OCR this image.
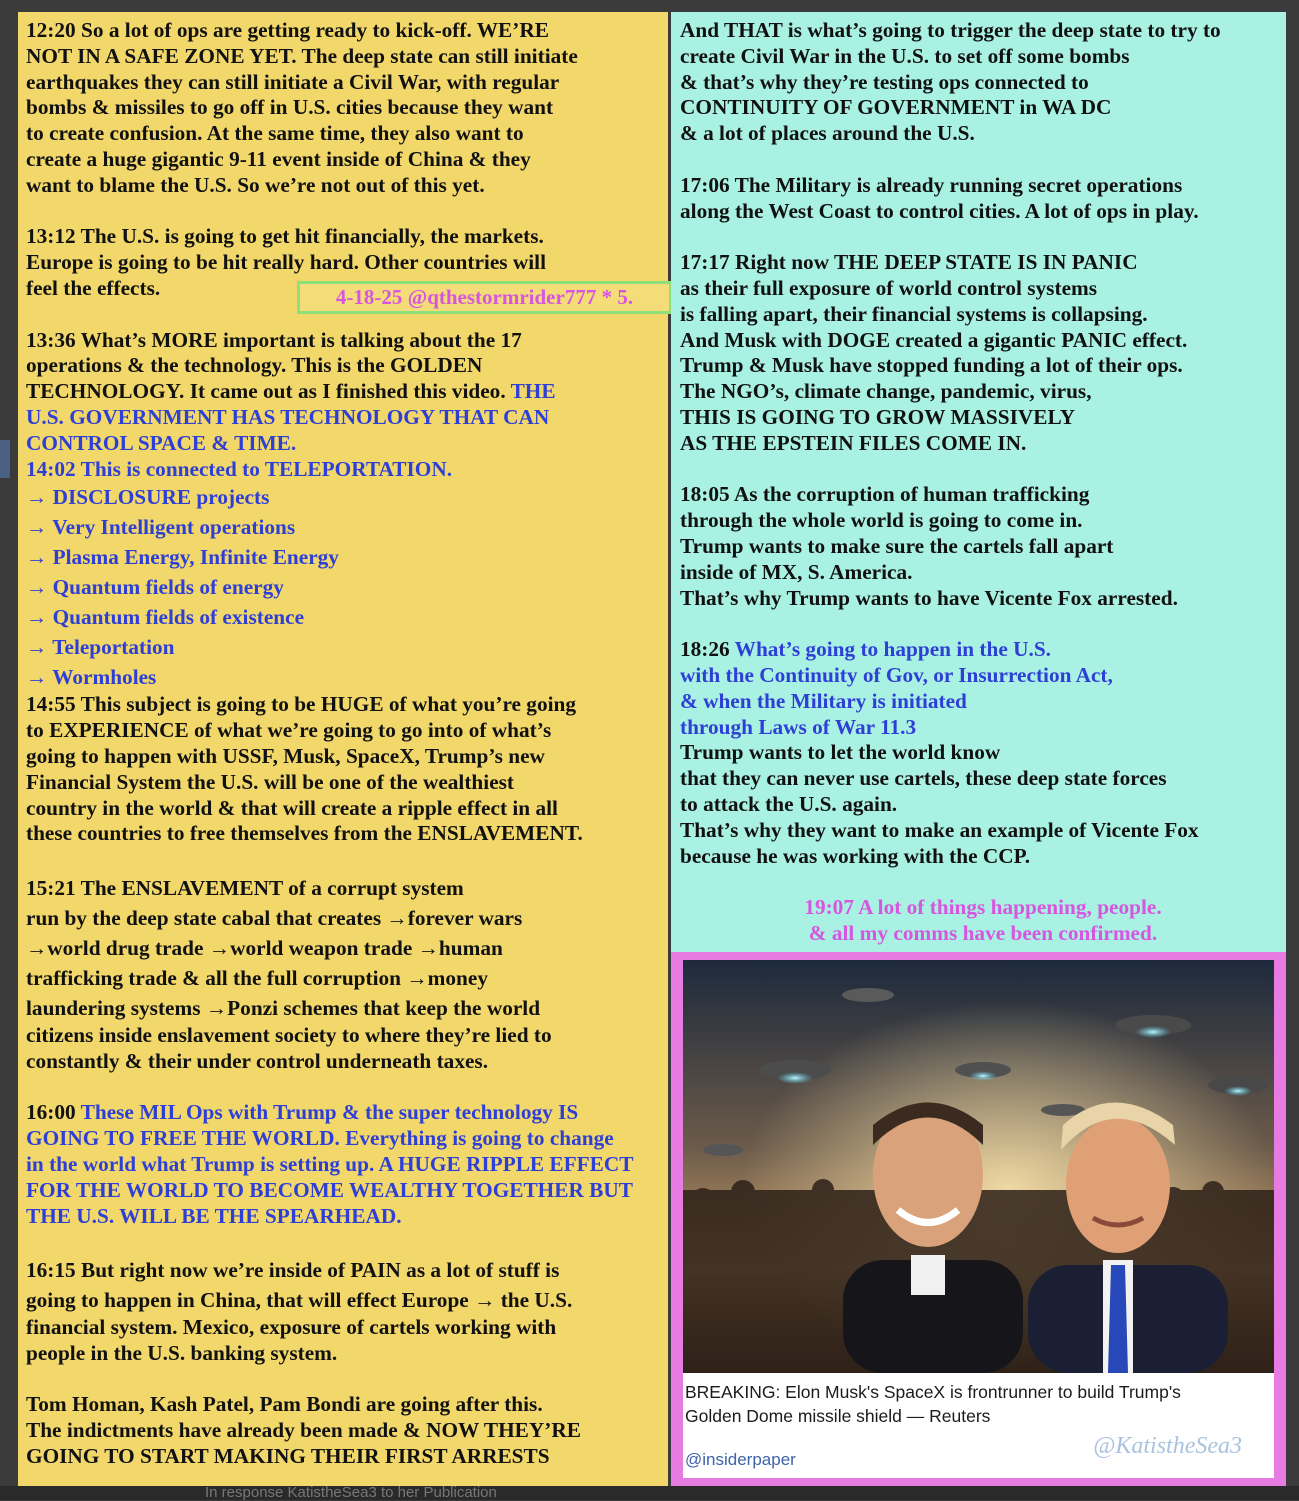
12:20 So a lot of ops are getting ready to kick-off. WE’RE

NOT IN A SAFE ZONE YET. The deep state can still initiate

earthquakes they can still initiate a Civil War, with regular

bombs & missiles to go off in U.S. cities because they want

to create confusion. At the same time, they also want to

create a huge gigantic 9-11 event inside of China & they

want to blame the U.S. So we’re not out of this yet.

13:12 The U.S. is going to get hit financially, the markets.

Europe is going to be hit really hard. Other countries will

feel the effects.

13:36 What’s MORE important is talking about the 17

operations & the technology. This is the GOLDEN

TECHNOLOGY. It came out as I finished this video. THE

U.S. GOVERNMENT HAS TECHNOLOGY THAT CAN

CONTROL SPACE & TIME.

14:02 This is connected to TELEPORTATION.

→ DISCLOSURE projects

→ Very Intelligent operations

→ Plasma Energy, Infinite Energy

→ Quantum fields of energy

→ Quantum fields of existence

→ Teleportation

→ Wormholes

14:55 This subject is going to be HUGE of what you’re going

to EXPERIENCE of what we’re going to go into of what’s

going to happen with USSF, Musk, SpaceX, Trump’s new

Financial System the U.S. will be one of the wealthiest

country in the world & that will create a ripple effect in all

these countries to free themselves from the ENSLAVEMENT.

15:21 The ENSLAVEMENT of a corrupt system

run by the deep state cabal that creates →forever wars

→world drug trade →world weapon trade →human

trafficking trade & all the full corruption →money

laundering systems →Ponzi schemes that keep the world

citizens inside enslavement society to where they’re lied to

constantly & their under control underneath taxes.

16:00 These MIL Ops with Trump & the super technology IS

GOING TO FREE THE WORLD. Everything is going to change

in the world what Trump is setting up. A HUGE RIPPLE EFFECT

FOR THE WORLD TO BECOME WEALTHY TOGETHER BUT

THE U.S. WILL BE THE SPEARHEAD.

16:15 But right now we’re inside of PAIN as a lot of stuff is

going to happen in China, that will effect Europe → the U.S.

financial system. Mexico, exposure of cartels working with

people in the U.S. banking system.

Tom Homan, Kash Patel, Pam Bondi are going after this.

The indictments have already been made & NOW THEY’RE

GOING TO START MAKING THEIR FIRST ARRESTS

4-18-25 @qthestormrider777 * 5.

And THAT is what’s going to trigger the deep state to try to

create Civil War in the U.S. to set off some bombs

& that’s why they’re testing ops connected to

CONTINUITY OF GOVERNMENT in WA DC

& a lot of places around the U.S.

17:06 The Military is already running secret operations

along the West Coast to control cities. A lot of ops in play.

17:17 Right now THE DEEP STATE IS IN PANIC

as their full exposure of world control systems

is falling apart, their financial systems is collapsing.

And Musk with DOGE created a gigantic PANIC effect.

Trump & Musk have stopped funding a lot of their ops.

The NGO’s, climate change, pandemic, virus,

THIS IS GOING TO GROW MASSIVELY

AS THE EPSTEIN FILES COME IN.

18:05 As the corruption of human trafficking

through the whole world is going to come in.

Trump wants to make sure the cartels fall apart

inside of MX, S. America.

That’s why Trump wants to have Vicente Fox arrested.

18:26 What’s going to happen in the U.S.

with the Continuity of Gov, or Insurrection Act,

& when the Military is initiated

through Laws of War 11.3

Trump wants to let the world know

that they can never use cartels, these deep state forces

to attack the U.S. again.

That’s why they want to make an example of Vicente Fox

because he was working with the CCP.

19:07 A lot of things happening, people.

& all my comms have been confirmed.

BREAKING: Elon Musk's SpaceX is frontrunner to build Trump's
Golden Dome missile shield — Reuters
@insiderpaper
@KatistheSea3
In response KatistheSea3 to her Publication
